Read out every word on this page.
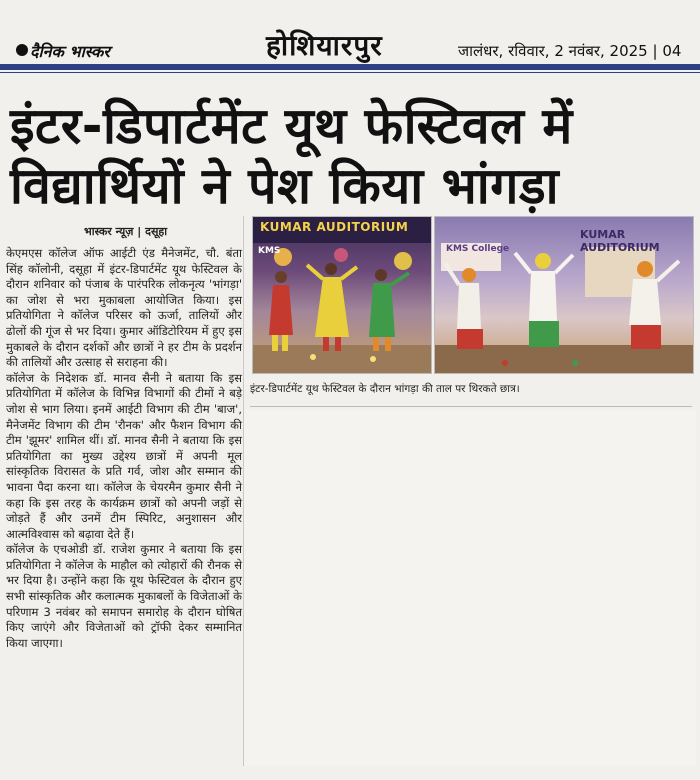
दैनिक भास्कर	होशियारपुर	जालंधर, रविवार, 2 नवंबर, 2025 | 04
इंटर-डिपार्टमेंट यूथ फेस्टिवल में
विद्यार्थियों ने पेश किया भांगड़ा
भास्कर न्यूज़ | दसूहा

केएमएस कॉलेज ऑफ आईटी एंड मैनेजमेंट, चौ. बंता सिंह कॉलोनी, दसूहा में इंटर-डिपार्टमेंट यूथ फेस्टिवल के दौरान शनिवार को पंजाब के पारंपरिक लोकनृत्य 'भांगड़ा' का जोश से भरा मुकाबला आयोजित किया। इस प्रतियोगिता ने कॉलेज परिसर को ऊर्जा, तालियों और ढोलों की गूंज से भर दिया। कुमार ऑडिटोरियम में हुए इस मुकाबले के दौरान दर्शकों और छात्रों ने हर टीम के प्रदर्शन की तालियों और उत्साह से सराहना की।

कॉलेज के निदेशक डॉ. मानव सैनी ने बताया कि इस प्रतियोगिता में कॉलेज के विभिन्न विभागों की टीमों ने बड़े जोश से भाग लिया। इनमें आईटी विभाग की टीम 'बाज', मैनेजमेंट विभाग की टीम 'रौनक' और फैशन विभाग की टीम 'झूमर' शामिल थीं। डॉ. मानव सैनी ने बताया कि इस प्रतियोगिता का मुख्य उद्देश्य छात्रों में अपनी मूल सांस्कृतिक विरासत के प्रति गर्व, जोश और सम्मान की भावना पैदा करना था। कॉलेज के चेयरमैन कुमार सैनी ने कहा कि इस तरह के कार्यक्रम छात्रों को अपनी जड़ों से जोड़ते हैं और उनमें टीम स्पिरिट, अनुशासन और आत्मविश्वास को बढ़ावा देते हैं।

कॉलेज के एचओडी डॉ. राजेश कुमार ने बताया कि इस प्रतियोगिता ने कॉलेज के माहौल को त्योहारों की रौनक से भर दिया है। उन्होंने कहा कि यूथ फेस्टिवल के दौरान हुए सभी सांस्कृतिक और कलात्मक मुकाबलों के विजेताओं के परिणाम 3 नवंबर को समापन समारोह के दौरान घोषित किए जाएंगे और विजेताओं को ट्रॉफी देकर सम्मानित किया जाएगा।

KUMAR AUDITORIUM
KMS	KMS College
KUMAR AUDITORIUM
इंटर-डिपार्टमेंट यूथ फेस्टिवल के दौरान भांगड़ा की ताल पर थिरकते छात्र।
